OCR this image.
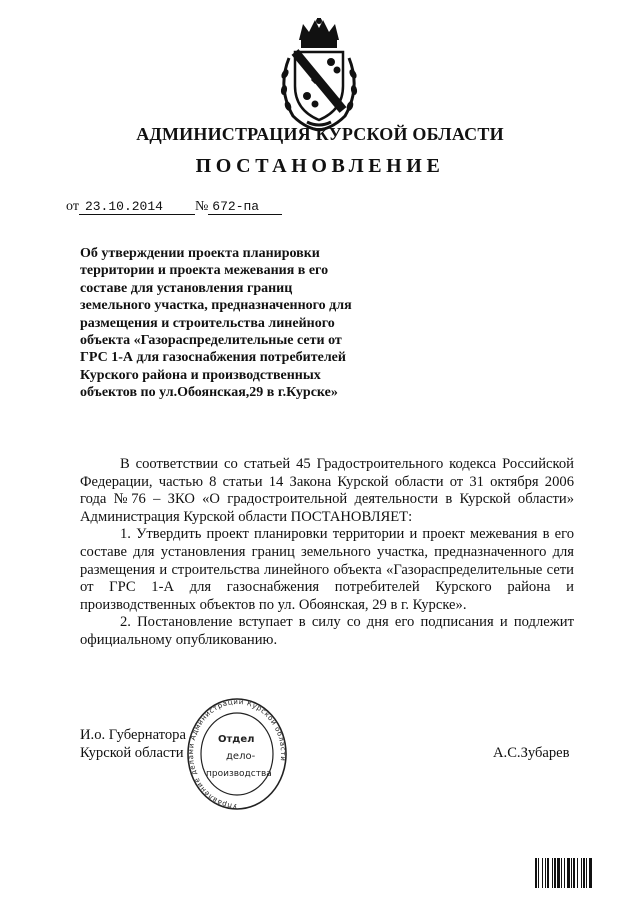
АДМИНИСТРАЦИЯ КУРСКОЙ ОБЛАСТИ
ПОСТАНОВЛЕНИЕ
от 23.10.2014 № 672-па
Об утверждении проекта планировки
территории и проекта межевания в его
составе для установления границ
земельного участка, предназначенного для
размещения и строительства линейного
объекта «Газораспределительные сети от
ГРС 1-А для газоснабжения потребителей
Курского района и производственных
объектов по ул.Обоянская,29 в г.Курске»

В соответствии со статьей 45 Градостроительного кодекса Российской Федерации, частью 8 статьи 14 Закона Курской области от 31 октября 2006 года №76 – ЗКО «О градостроительной деятельности в Курской области» Администрация Курской области ПОСТАНОВЛЯЕТ:

1. Утвердить проект планировки территории и проект межевания в его составе для установления границ земельного участка, предназначенного для размещения и строительства линейного объекта «Газораспределительные сети от ГРС 1-А для газоснабжения потребителей Курского района и производственных объектов по ул. Обоянская, 29 в г. Курске».

2. Постановление вступает в силу со дня его подписания и подлежит официальному опубликованию.

И.о. Губернатора
Курской области	А.С.Зубарев
Управление делами Администрации Курской области
Отдел
дело-
производства
